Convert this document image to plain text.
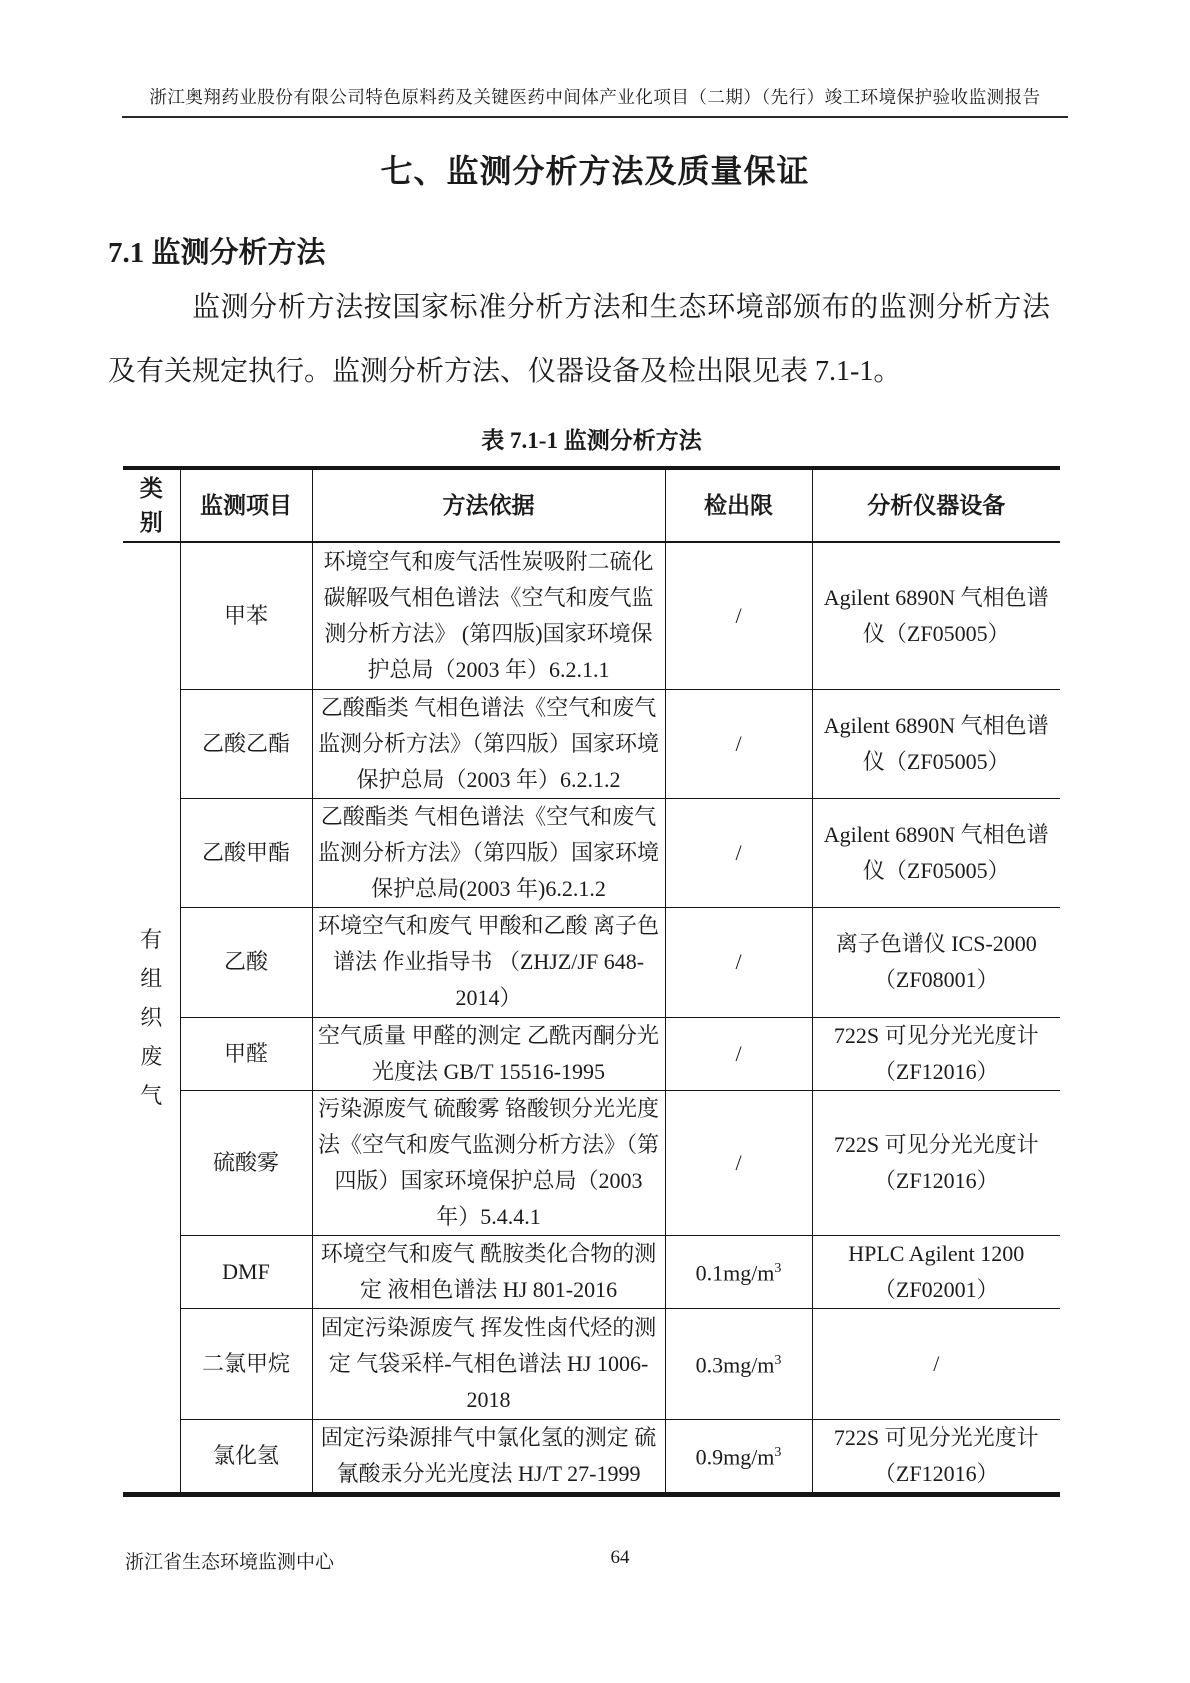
浙江奥翔药业股份有限公司特色原料药及关键医药中间体产业化项目（二期）（先行）竣工环境保护验收监测报告
七、监测分析方法及质量保证
7.1 监测分析方法
监测分析方法按国家标准分析方法和生态环境部颁布的监测分析方法及有关规定执行。监测分析方法、仪器设备及检出限见表 7.1-1。
表 7.1-1 监测分析方法
类别	监测项目	方法依据	检出限	分析仪器设备

有组织废气	甲苯	环境空气和废气活性炭吸附二硫化碳解吸气相色谱法《空气和废气监测分析方法》 (第四版)国家环境保护总局（2003 年）6.2.1.1	/	Agilent 6890N 气相色谱仪（ZF05005）
	乙酸乙酯	乙酸酯类 气相色谱法《空气和废气监测分析方法》（第四版）国家环境保护总局（2003 年）6.2.1.2	/	Agilent 6890N 气相色谱仪（ZF05005）
	乙酸甲酯	乙酸酯类 气相色谱法《空气和废气监测分析方法》（第四版）国家环境保护总局(2003 年)6.2.1.2	/	Agilent 6890N 气相色谱仪（ZF05005）
	乙酸	环境空气和废气 甲酸和乙酸 离子色谱法 作业指导书 （ZHJZ/JF 648-2014）	/	离子色谱仪 ICS-2000（ZF08001）
	甲醛	空气质量 甲醛的测定 乙酰丙酮分光光度法 GB/T 15516-1995	/	722S 可见分光光度计（ZF12016）
	硫酸雾	污染源废气 硫酸雾 铬酸钡分光光度法《空气和废气监测分析方法》（第四版）国家环境保护总局（2003 年）5.4.4.1	/	722S 可见分光光度计（ZF12016）
	DMF	环境空气和废气 酰胺类化合物的测定 液相色谱法 HJ 801-2016	$0.1mg/m^3$	HPLC Agilent 1200（ZF02001）
	二氯甲烷	固定污染源废气 挥发性卤代烃的测定 气袋采样-气相色谱法 HJ 1006-2018	$0.3mg/m^3$	/
	氯化氢	固定污染源排气中氯化氢的测定 硫氰酸汞分光光度法 HJ/T 27-1999	$0.9mg/m^3$	722S 可见分光光度计（ZF12016）
浙江省生态环境监测中心	64
